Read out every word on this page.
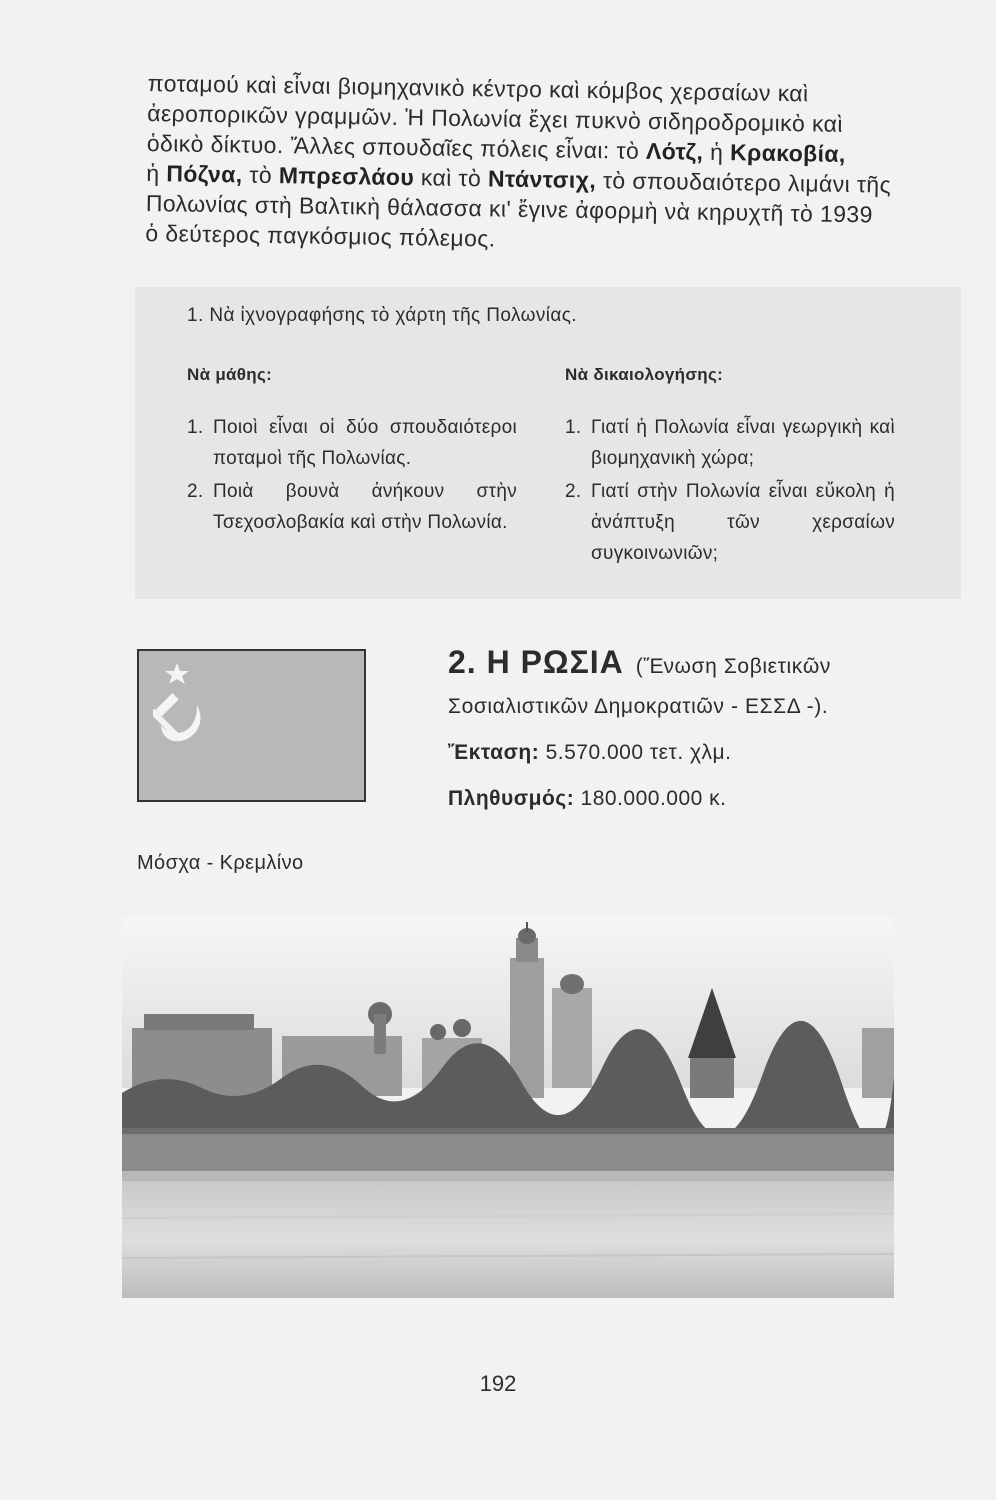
ποταμού καὶ εἶναι βιομηχανικὸ κέντρο καὶ κόμβος χερσαίων καὶ

ἀεροπορικῶν γραμμῶν. Ἡ Πολωνία ἔχει πυκνὸ σιδηροδρομικὸ καὶ

ὁδικὸ δίκτυο. Ἄλλες σπουδαῖες πόλεις εἶναι: τὸ Λότζ, ἡ Κρακοβία,

ἡ Πόζνα, τὸ Μπρεσλάου καὶ τὸ Ντάντσιχ, τὸ σπουδαιότερο λιμάνι τῆς

Πολωνίας στὴ Βαλτικὴ θάλασσα κι' ἔγινε ἀφορμὴ νὰ κηρυχτῆ τὸ 1939

ὁ δεύτερος παγκόσμιος πόλεμος.

1. Νὰ ἰχνογραφήσης τὸ χάρτη τῆς Πολωνίας.
Νὰ μάθης:
1. Ποιοὶ εἶναι οἱ δύο σπουδαιότεροι ποταμοὶ τῆς Πολωνίας.
2. Ποιὰ βουνὰ ἀνήκουν στὴν Τσεχοσλοβακία καὶ στὴν Πολωνία.
Νὰ δικαιολογήσης:
1. Γιατί ἡ Πολωνία εἶναι γεωργικὴ καὶ βιομηχανικὴ χώρα;
2. Γιατί στὴν Πολωνία εἶναι εὔκολη ἡ ἀνάπτυξη τῶν χερσαίων συγκοινωνιῶν;
2. Η ΡΩΣΙΑ (Ἕνωση Σοβιετικῶν
Σοσιαλιστικῶν Δημοκρατιῶν - ΕΣΣΔ -).
Ἔκταση: 5.570.000 τετ. χλμ.
Πληθυσμός: 180.000.000 κ.
Μόσχα - Κρεμλίνο
192
